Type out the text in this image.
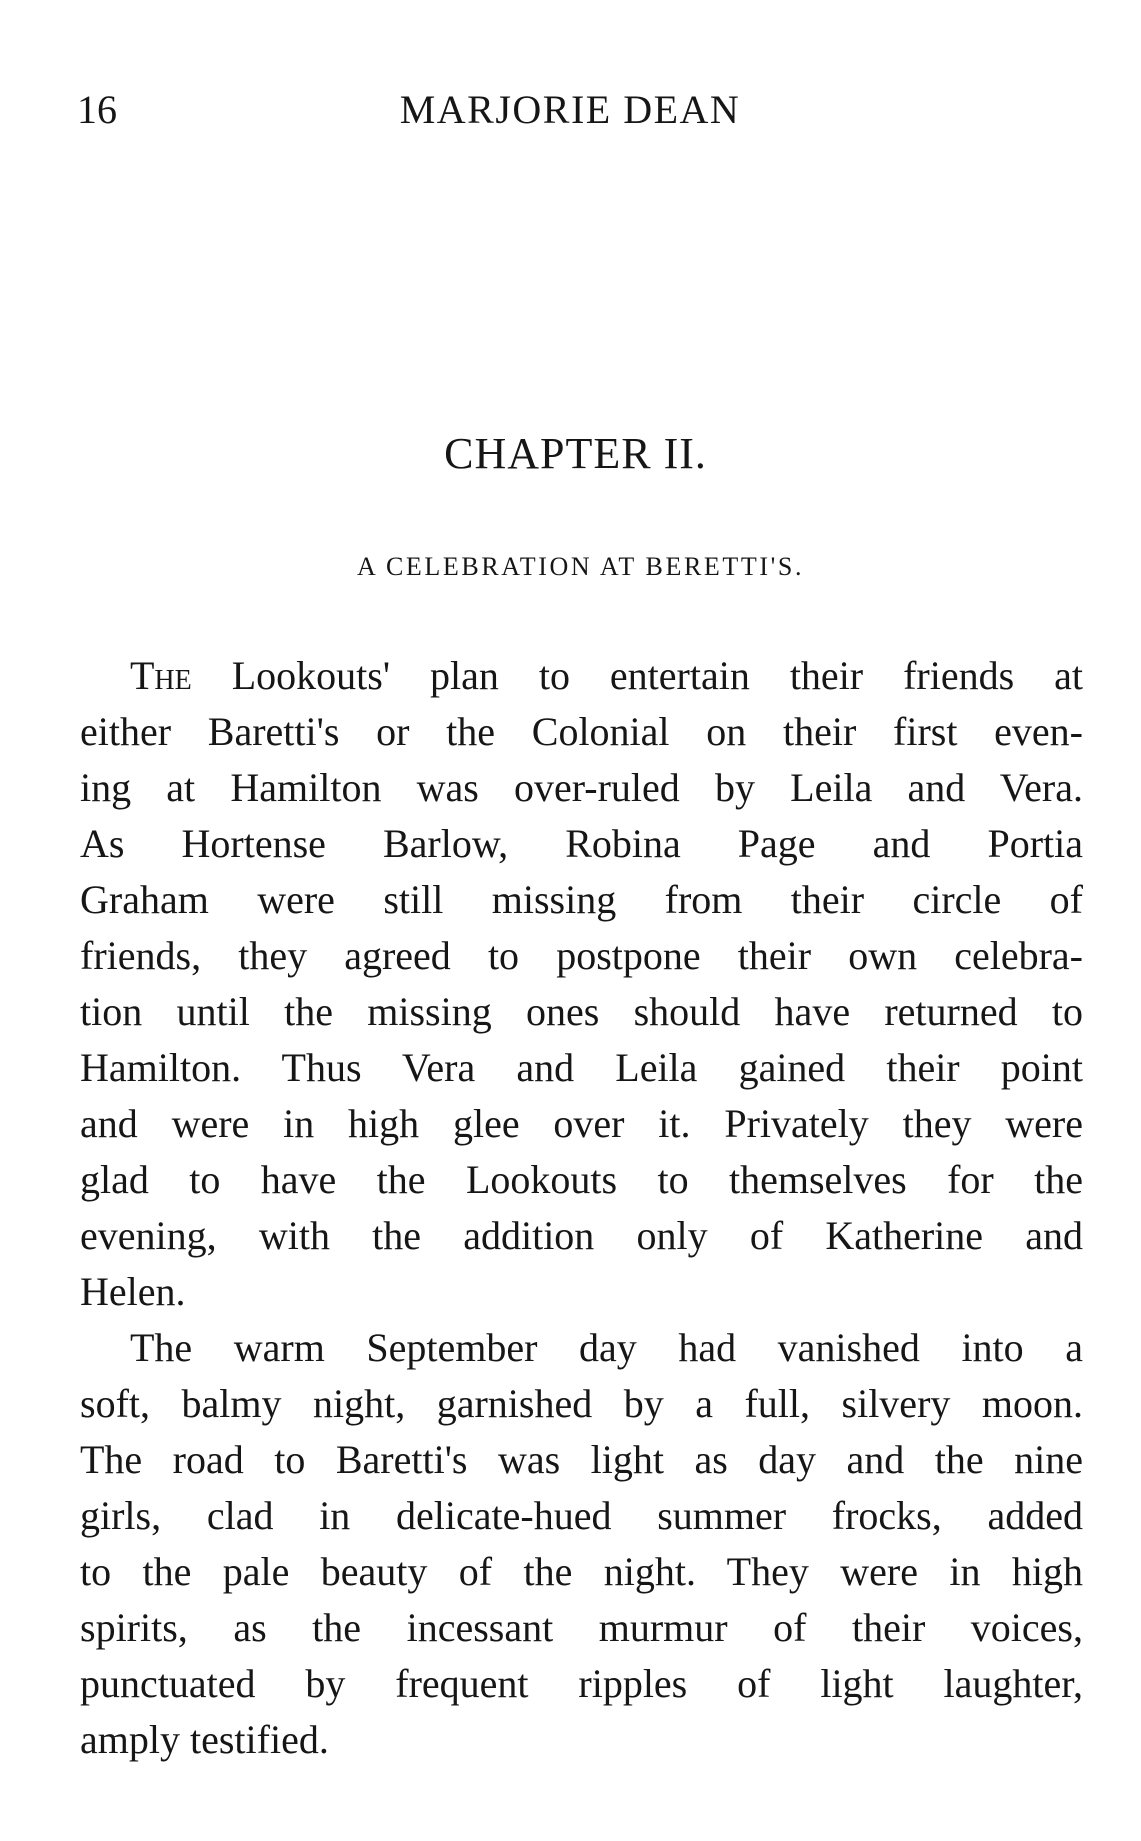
16	MARJORIE DEAN
CHAPTER II.
A CELEBRATION AT BERETTI'S.
The Lookouts' plan to entertain their friends at
either Baretti's or the Colonial on their first even-
ing at Hamilton was over-ruled by Leila and Vera.
As Hortense Barlow, Robina Page and Portia
Graham were still missing from their circle of
friends, they agreed to postpone their own celebra-
tion until the missing ones should have returned to
Hamilton. Thus Vera and Leila gained their point
and were in high glee over it. Privately they were
glad to have the Lookouts to themselves for the
evening, with the addition only of Katherine and
Helen.
The warm September day had vanished into a
soft, balmy night, garnished by a full, silvery moon.
The road to Baretti's was light as day and the nine
girls, clad in delicate-hued summer frocks, added
to the pale beauty of the night. They were in high
spirits, as the incessant murmur of their voices,
punctuated by frequent ripples of light laughter,
amply testified.
